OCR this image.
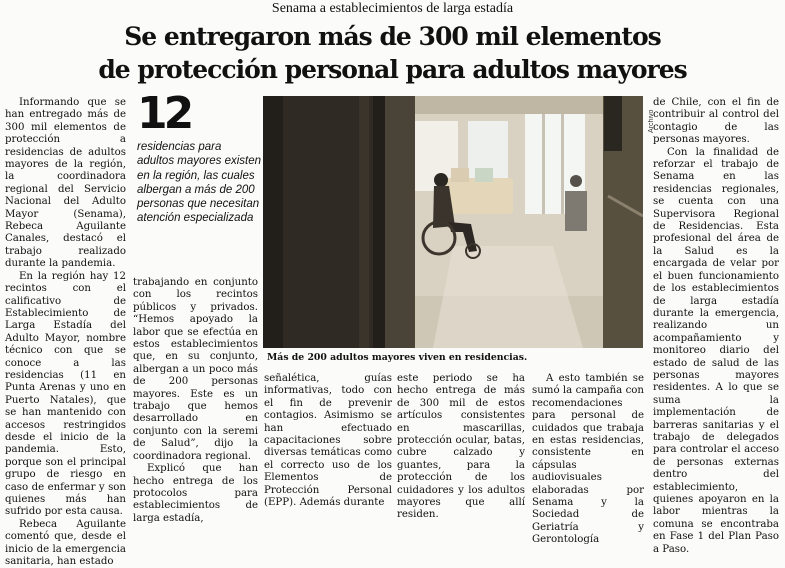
Senama a establecimientos de larga estadía
Se entregaron más de 300 mil elementos
de protección personal para adultos mayores

Informando que se han entregado más de 300 mil elementos de protección a residencias de adultos mayores de la región, la coordinadora regional del Servicio Nacional del Adulto Mayor (Senama), Rebeca Aguilante Canales, destacó el trabajo realizado durante la pandemia.

En la región hay 12 recintos con el calificativo de Establecimiento de Larga Estadía del Adulto Mayor, nombre técnico con que se conoce a las residencias (11 en Punta Arenas y uno en Puerto Natales), que se han mantenido con accesos restringidos desde el inicio de la pandemia. Esto, porque son el principal grupo de riesgo en caso de enfermar y son quienes más han sufrido por esta causa.

Rebeca Aguilante comentó que, desde el inicio de la emergencia sanitaria, han estado

12
residencias para adultos mayores existen en la región, las cuales albergan a más de 200 personas que necesitan atención especializada

trabajando en conjunto con los recintos públicos y privados. “Hemos apoyado la labor que se efectúa en estos establecimientos que, en su conjunto, albergan a un poco más de 200 personas mayores. Este es un trabajo que hemos desarrollado en conjunto con la seremi de Salud”, dijo la coordinadora regional.

Explicó que han hecho entrega de los protocolos para establecimientos de larga estadía,

Archivo
Más de 200 adultos mayores viven en residencias.

señalética, guías informativas, todo con el fin de prevenir contagios. Asimismo se han efectuado capacitaciones sobre diversas temáticas como el correcto uso de los Elementos de Protección Personal (EPP). Además durante

este periodo se ha hecho entrega de más de 300 mil de estos artículos consistentes en mascarillas, protección ocular, batas, cubre calzado y guantes, para la protección de los cuidadores y los adultos mayores que allí residen.

A esto también se sumó la campaña con recomendaciones para personal de cuidados que trabaja en estas residencias, consistente en cápsulas audiovisuales elaboradas por Senama y la Sociedad de Geriatría y Gerontología

de Chile, con el fin de contribuir al control del contagio de las personas mayores.

Con la finalidad de reforzar el trabajo de Senama en las residencias regionales, se cuenta con una Supervisora Regional de Residencias. Esta profesional del área de la Salud es la encargada de velar por el buen funcionamiento de los establecimientos de larga estadía durante la emergencia, realizando un acompañamiento y monitoreo diario del estado de salud de las personas mayores residentes. A lo que se suma la implementación de barreras sanitarias y el trabajo de delegados para controlar el acceso de personas externas dentro del establecimiento, quienes apoyaron en la labor mientras la comuna se encontraba en Fase 1 del Plan Paso a Paso.
